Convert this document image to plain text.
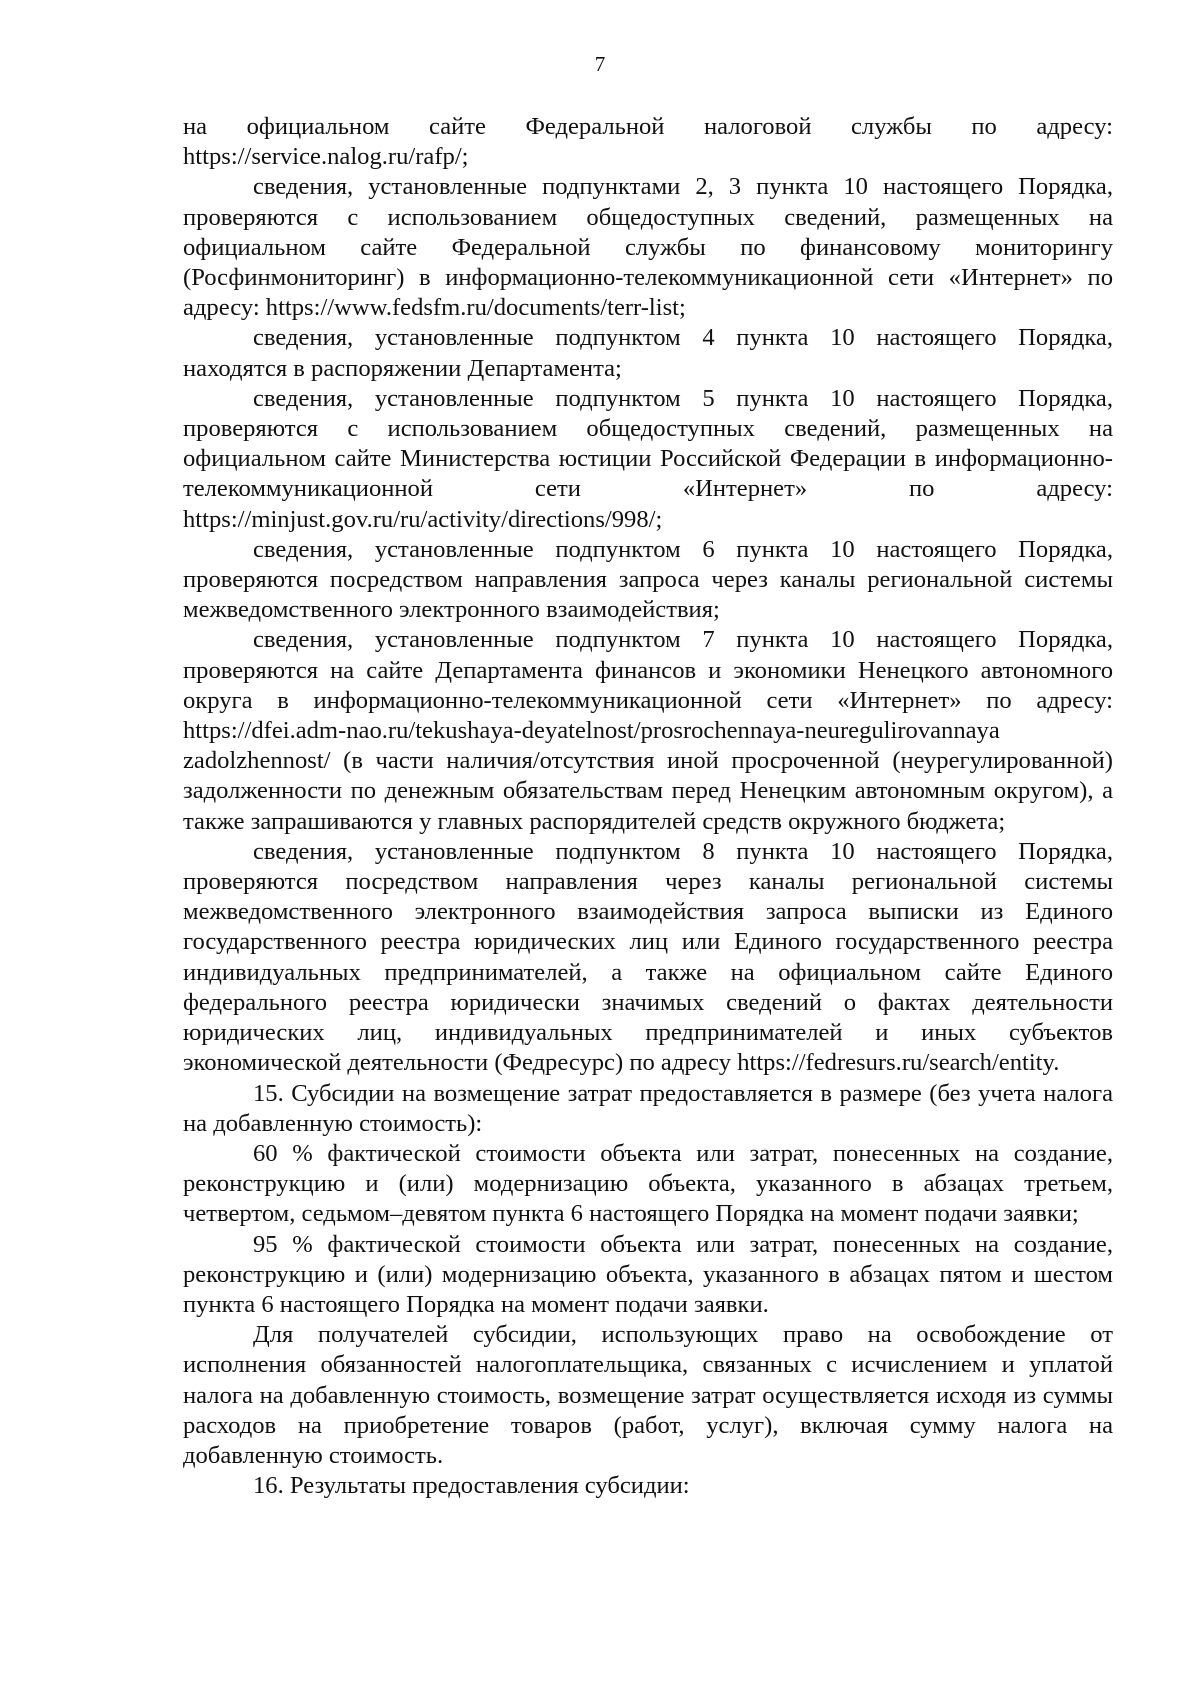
7

на официальном сайте Федеральной налоговой службы по адресу: https://service.nalog.ru/rafp/;

сведения, установленные подпунктами 2, 3 пункта 10 настоящего Порядка, проверяются с использованием общедоступных сведений, размещенных на официальном сайте Федеральной службы по финансовому мониторингу (Росфинмониторинг) в информационно-телекоммуникационной сети «Интернет» по адресу: https://www.fedsfm.ru/documents/terr-list;

сведения, установленные подпунктом 4 пункта 10 настоящего Порядка, находятся в распоряжении Департамента;

сведения, установленные подпунктом 5 пункта 10 настоящего Порядка, проверяются с использованием общедоступных сведений, размещенных на официальном сайте Министерства юстиции Российской Федерации в информационно-телекоммуникационной сети «Интернет» по адресу: https://minjust.gov.ru/ru/activity/directions/998/;

сведения, установленные подпунктом 6 пункта 10 настоящего Порядка, проверяются посредством направления запроса через каналы региональной системы межведомственного электронного взаимодействия;

сведения, установленные подпунктом 7 пункта 10 настоящего Порядка, проверяются на сайте Департамента финансов и экономики Ненецкого автономного округа в информационно-телекоммуникационной сети «Интернет» по адресу: https://dfei.adm-nao.ru/tekushaya-deyatelnost/prosrochennaya-neuregulirovannaya zadolzhennost/ (в части наличия/отсутствия иной просроченной (неурегулированной) задолженности по денежным обязательствам перед Ненецким автономным округом), а также запрашиваются у главных распорядителей средств окружного бюджета;

сведения, установленные подпунктом 8 пункта 10 настоящего Порядка, проверяются посредством направления через каналы региональной системы межведомственного электронного взаимодействия запроса выписки из Единого государственного реестра юридических лиц или Единого государственного реестра индивидуальных предпринимателей, а также на официальном сайте Единого федерального реестра юридически значимых сведений о фактах деятельности юридических лиц, индивидуальных предпринимателей и иных субъектов экономической деятельности (Федресурс) по адресу https://fedresurs.ru/search/entity.

15. Субсидии на возмещение затрат предоставляется в размере (без учета налога на добавленную стоимость):

60 % фактической стоимости объекта или затрат, понесенных на создание, реконструкцию и (или) модернизацию объекта, указанного в абзацах третьем, четвертом, седьмом–девятом пункта 6 настоящего Порядка на момент подачи заявки;

95 % фактической стоимости объекта или затрат, понесенных на создание, реконструкцию и (или) модернизацию объекта, указанного в абзацах пятом и шестом пункта 6 настоящего Порядка на момент подачи заявки.

Для получателей субсидии, использующих право на освобождение от исполнения обязанностей налогоплательщика, связанных с исчислением и уплатой налога на добавленную стоимость, возмещение затрат осуществляется исходя из суммы расходов на приобретение товаров (работ, услуг), включая сумму налога на добавленную стоимость.

16. Результаты предоставления субсидии:
